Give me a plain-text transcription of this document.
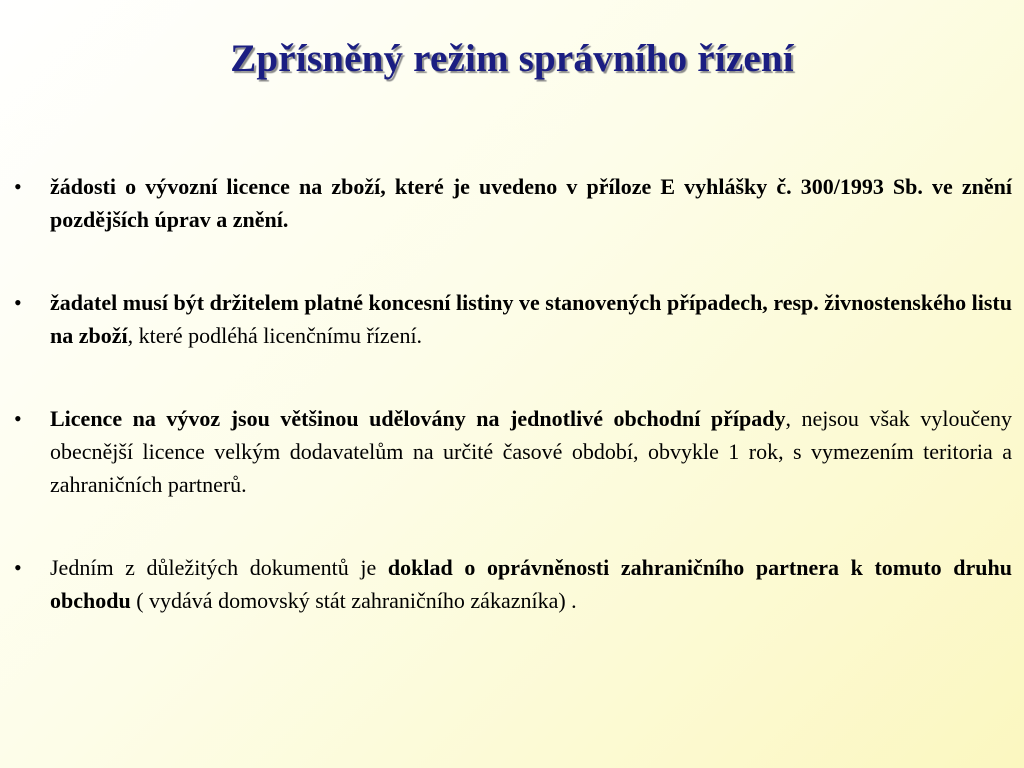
Zpřísněný režim správního řízení
• žádosti o vývozní licence na zboží, které je uvedeno v příloze E vyhlášky č. 300/1993 Sb. ve znění pozdějších úprav a znění.
• žadatel musí být držitelem platné koncesní listiny ve stanovených případech, resp. živnostenského listu na zboží, které podléhá licenčnímu řízení.
• Licence na vývoz jsou většinou udělovány na jednotlivé obchodní případy, nejsou však vyloučeny obecnější licence velkým dodavatelům na určité časové období, obvykle 1 rok, s vymezením teritoria a zahraničních partnerů.
• Jedním z důležitých dokumentů je doklad o oprávněnosti zahraničního partnera k tomuto druhu obchodu ( vydává domovský stát zahraničního zákazníka) .
